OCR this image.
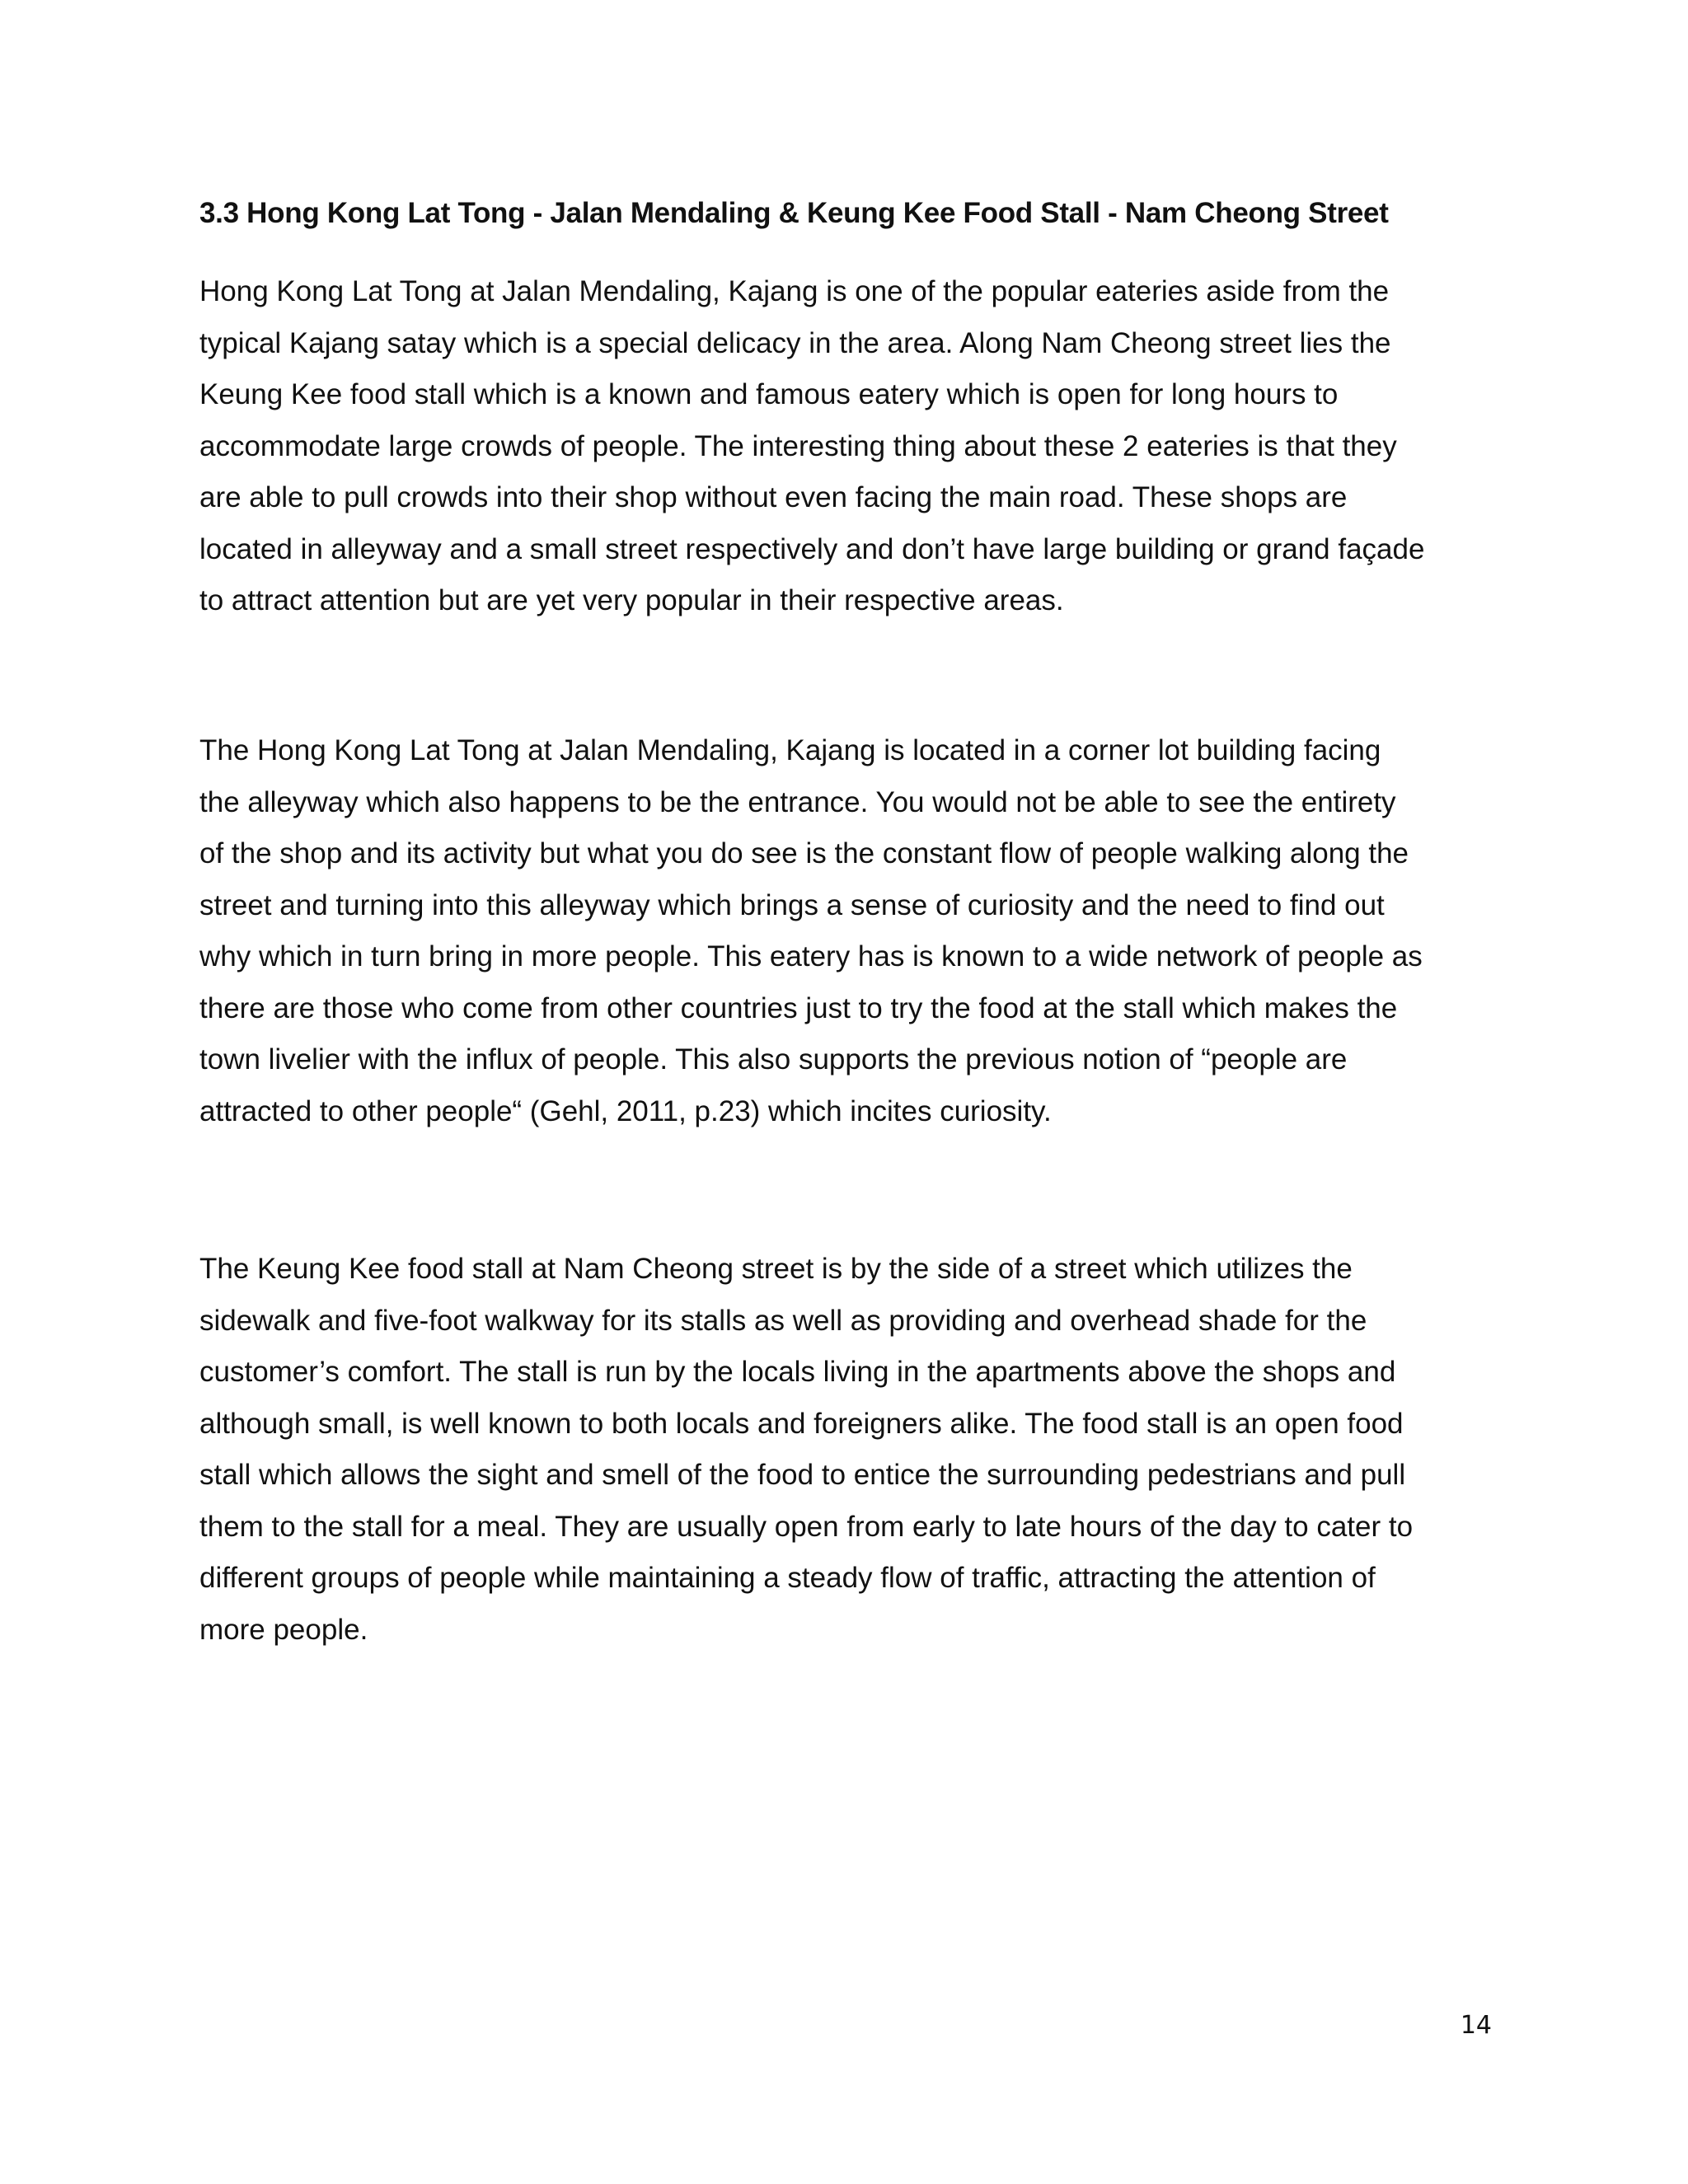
3.3 Hong Kong Lat Tong - Jalan Mendaling & Keung Kee Food Stall - Nam Cheong Street

Hong Kong Lat Tong at Jalan Mendaling, Kajang is one of the popular eateries aside from the
typical Kajang satay which is a special delicacy in the area. Along Nam Cheong street lies the
Keung Kee food stall which is a known and famous eatery which is open for long hours to
accommodate large crowds of people. The interesting thing about these 2 eateries is that they
are able to pull crowds into their shop without even facing the main road. These shops are
located in alleyway and a small street respectively and don’t have large building or grand façade
to attract attention but are yet very popular in their respective areas.

The Hong Kong Lat Tong at Jalan Mendaling, Kajang is located in a corner lot building facing
the alleyway which also happens to be the entrance. You would not be able to see the entirety
of the shop and its activity but what you do see is the constant flow of people walking along the
street and turning into this alleyway which brings a sense of curiosity and the need to find out
why which in turn bring in more people. This eatery has is known to a wide network of people as
there are those who come from other countries just to try the food at the stall which makes the
town livelier with the influx of people. This also supports the previous notion of “people are
attracted to other people“ (Gehl, 2011, p.23) which incites curiosity.

The Keung Kee food stall at Nam Cheong street is by the side of a street which utilizes the
sidewalk and five-foot walkway for its stalls as well as providing and overhead shade for the
customer’s comfort. The stall is run by the locals living in the apartments above the shops and
although small, is well known to both locals and foreigners alike. The food stall is an open food
stall which allows the sight and smell of the food to entice the surrounding pedestrians and pull
them to the stall for a meal. They are usually open from early to late hours of the day to cater to
different groups of people while maintaining a steady flow of traffic, attracting the attention of
more people.

14
